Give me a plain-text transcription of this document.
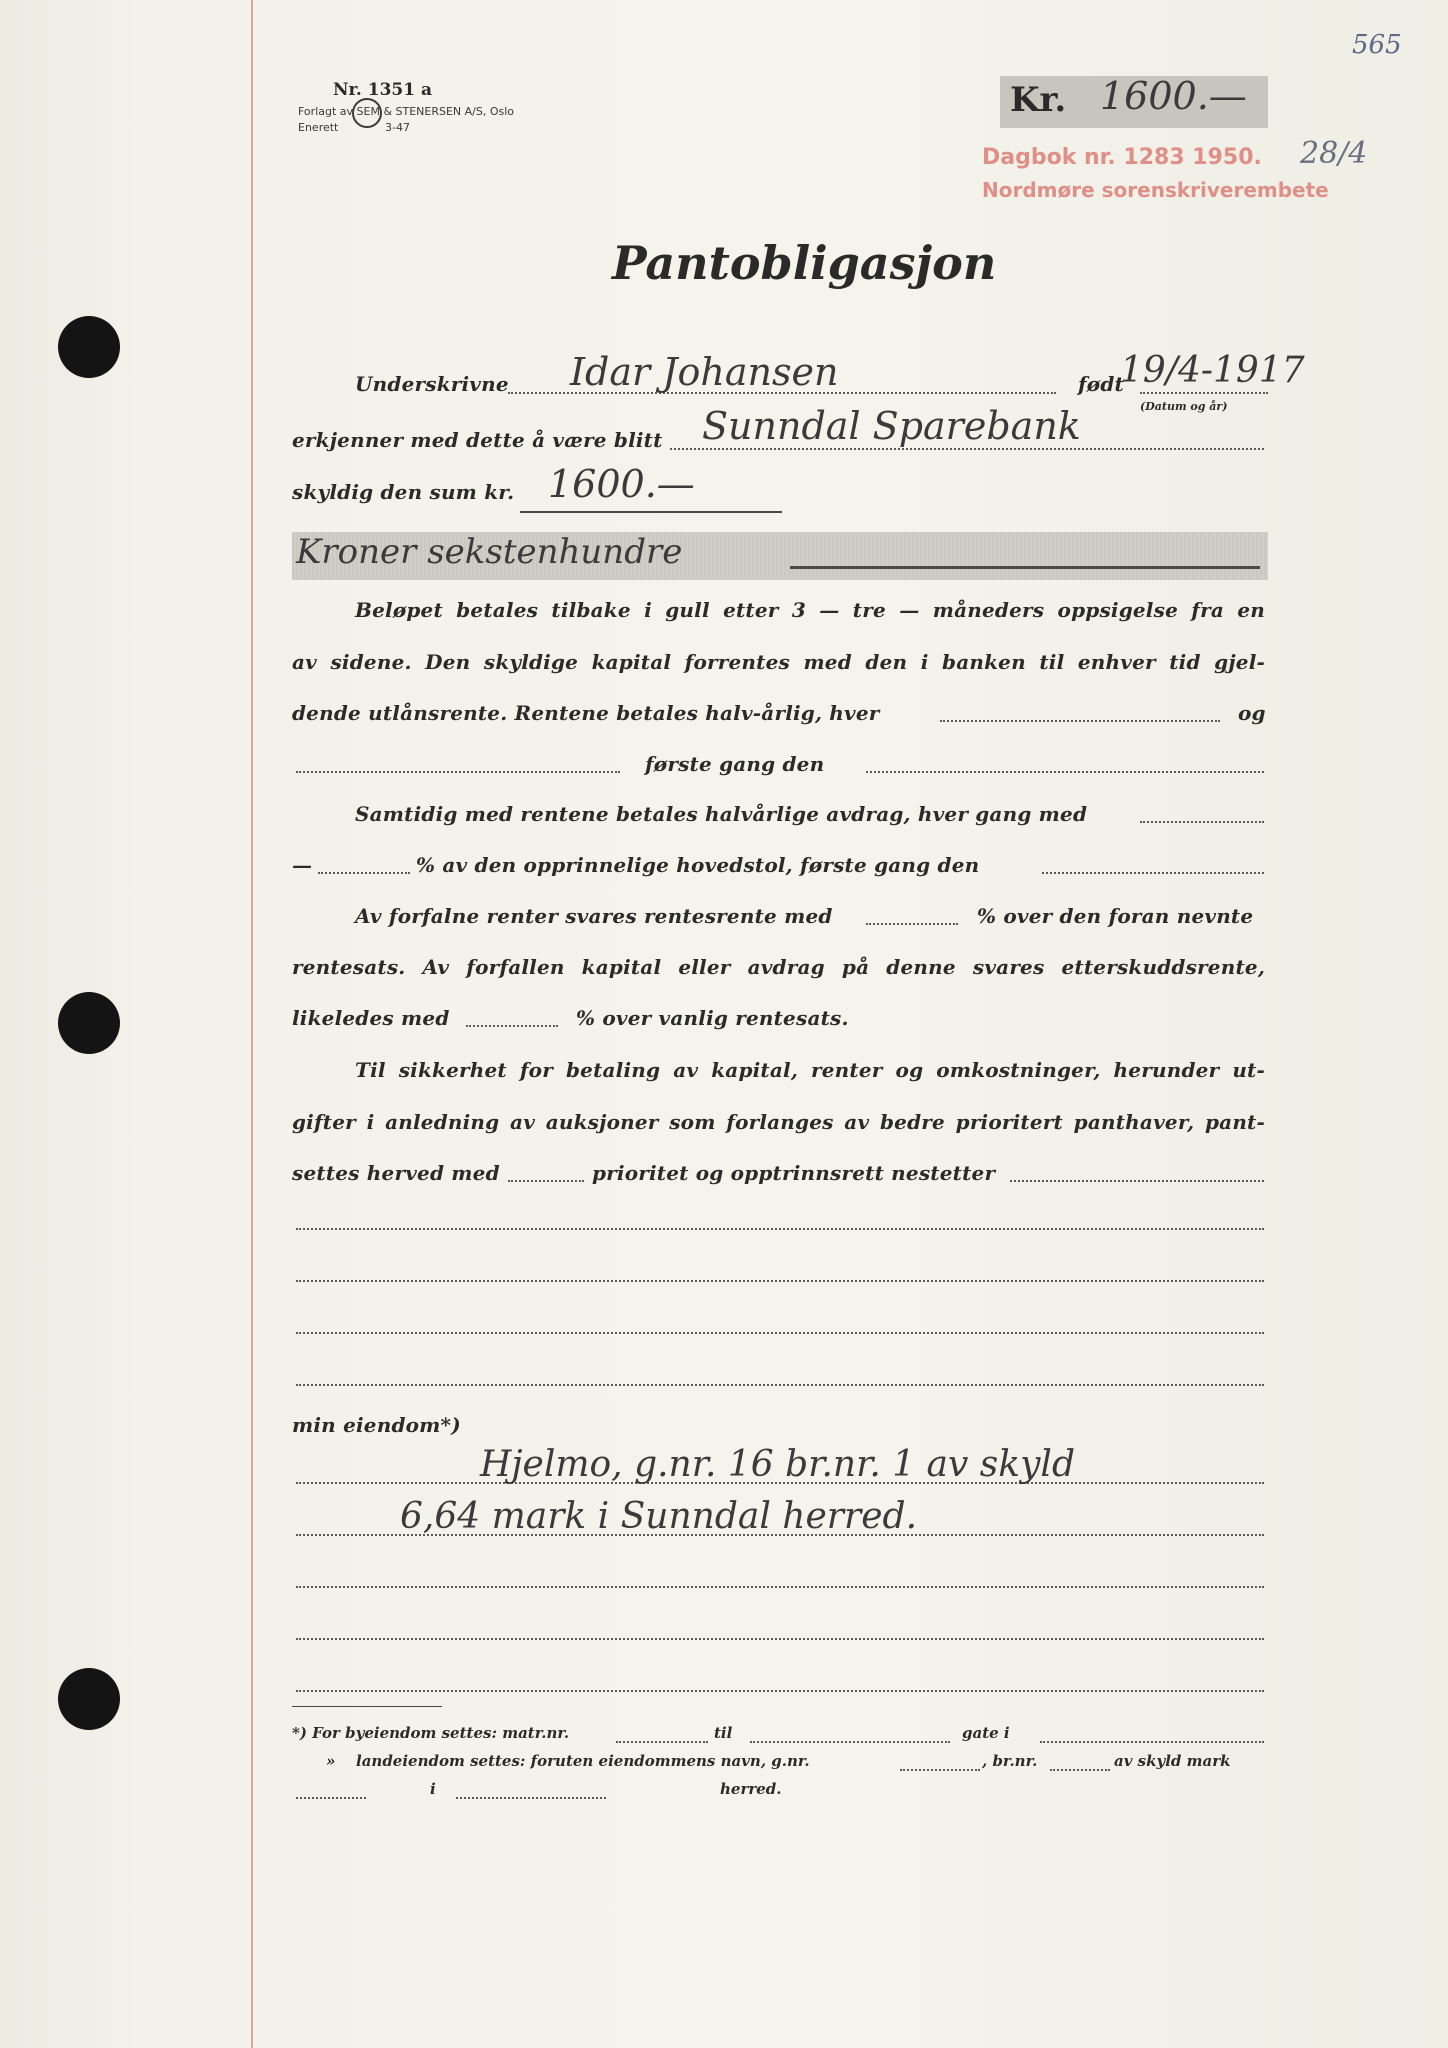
565
Nr. 1351 a
Forlagt av SEM & STENERSEN A/S, Oslo
Enerett	3-47
Kr. 1600.—
Dagbok nr. 1283 1950. 28/4
Nordmøre sorenskriverembete
Pantobligasjon
Underskrivne Idar Johansen	født
19/4-1917
(Datum og år)
erkjenner med dette å være blitt Sunndal Sparebank
skyldig den sum kr. 1600.—
Kroner sekstenhundre
Beløpet betales tilbake i gull etter 3 — tre — måneders oppsigelse fra en
av sidene. Den skyldige kapital forrentes med den i banken til enhver tid gjel-
dende utlånsrente. Rentene betales halv-årlig, hver	og
første gang den
Samtidig med rentene betales halvårlige avdrag, hver gang med
—	% av den opprinnelige hovedstol, første gang den
Av forfalne renter svares rentesrente med	% over den foran nevnte
rentesats. Av forfallen kapital eller avdrag på denne svares etterskuddsrente,
likeledes med	% over vanlig rentesats.
Til sikkerhet for betaling av kapital, renter og omkostninger, herunder ut-
gifter i anledning av auksjoner som forlanges av bedre prioritert panthaver, pant-
settes herved med	prioritet og opptrinnsrett nestetter
min eiendom*)
Hjelmo, g.nr. 16 br.nr. 1 av skyld
6,64 mark i Sunndal herred.
*) For byeiendom settes: matr.nr.	til	gate i
» landeiendom settes: foruten eiendommens navn, g.nr.	, br.nr.	av skyld mark
i	herred.
